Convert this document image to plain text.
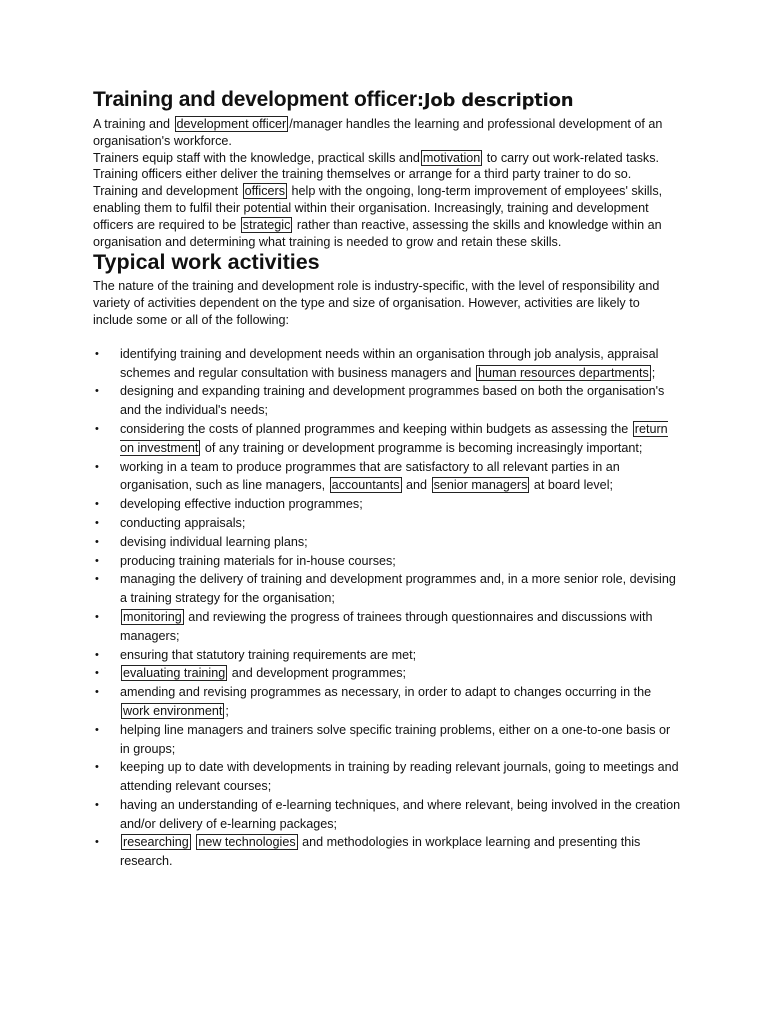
Training and development officer:Job description

A training and development officer /manager handles the learning and professional development of an organisation's workforce.

Trainers equip staff with the knowledge, practical skills and motivation to carry out work-related tasks. Training officers either deliver the training themselves or arrange for a third party trainer to do so.

Training and development officers help with the ongoing, long-term improvement of employees' skills, enabling them to fulfil their potential within their organisation. Increasingly, training and development officers are required to be strategic rather than reactive, assessing the skills and knowledge within an organisation and determining what training is needed to grow and retain these skills.

Typical work activities

The nature of the training and development role is industry-specific, with the level of responsibility and variety of activities dependent on the type and size of organisation. However, activities are likely to include some or all of the following:

• identifying training and development needs within an organisation through job analysis, appraisal schemes and regular consultation with business managers and human resources departments ;
• designing and expanding training and development programmes based on both the organisation's and the individual's needs;
• considering the costs of planned programmes and keeping within budgets as assessing the return on investment of any training or development programme is becoming increasingly important;
• working in a team to produce programmes that are satisfactory to all relevant parties in an organisation, such as line managers, accountants and senior managers at board level;
• developing effective induction programmes;
• conducting appraisals;
• devising individual learning plans;
• producing training materials for in-house courses;
• managing the delivery of training and development programmes and, in a more senior role, devising a training strategy for the organisation;
• monitoring and reviewing the progress of trainees through questionnaires and discussions with managers;
• ensuring that statutory training requirements are met;
• evaluating training and development programmes;
• amending and revising programmes as necessary, in order to adapt to changes occurring in the work environment ;
• helping line managers and trainers solve specific training problems, either on a one-to-one basis or in groups;
• keeping up to date with developments in training by reading relevant journals, going to meetings and attending relevant courses;
• having an understanding of e-learning techniques, and where relevant, being involved in the creation and/or delivery of e-learning packages;
• researching new technologies and methodologies in workplace learning and presenting this research.
